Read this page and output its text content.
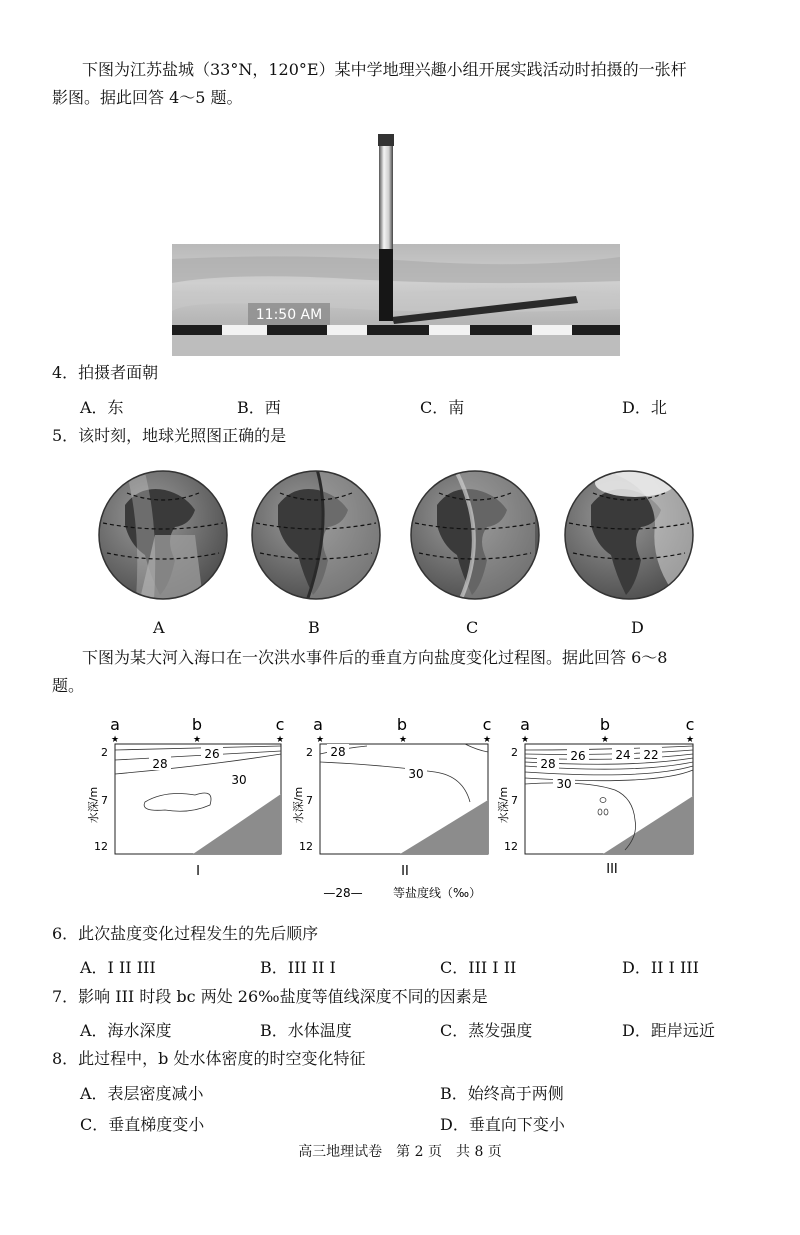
下图为江苏盐城（33°N，120°E）某中学地理兴趣小组开展实践活动时拍摄的一张杆
影图。据此回答 4～5 题。
11:50 AM
4．拍摄者面朝
A．东	B．西	C．南	D．北
5．该时刻，地球光照图正确的是
A	B	C	D
下图为某大河入海口在一次洪水事件后的垂直方向盐度变化过程图。据此回答 6～8
题。
a	b	c
★	★	★
2
7
12
水深/m
26
28
30
I
a	b	c
★	★	★
2
7
12
水深/m
28
30
II
a	b	c
★	★	★
2
7
12
水深/m
26 24 22
28
30
III
—28—	等盐度线（‰）
6．此次盐度变化过程发生的先后顺序
A．I II III	B．III II I	C．III I II	D．II I III
7．影响 III 时段 bc 两处 26‰盐度等值线深度不同的因素是
A．海水深度	B．水体温度	C．蒸发强度	D．距岸远近
8．此过程中，b 处水体密度的时空变化特征
A．表层密度减小	B．始终高于两侧
C．垂直梯度变小	D．垂直向下变小
高三地理试卷　第 2 页　共 8 页
